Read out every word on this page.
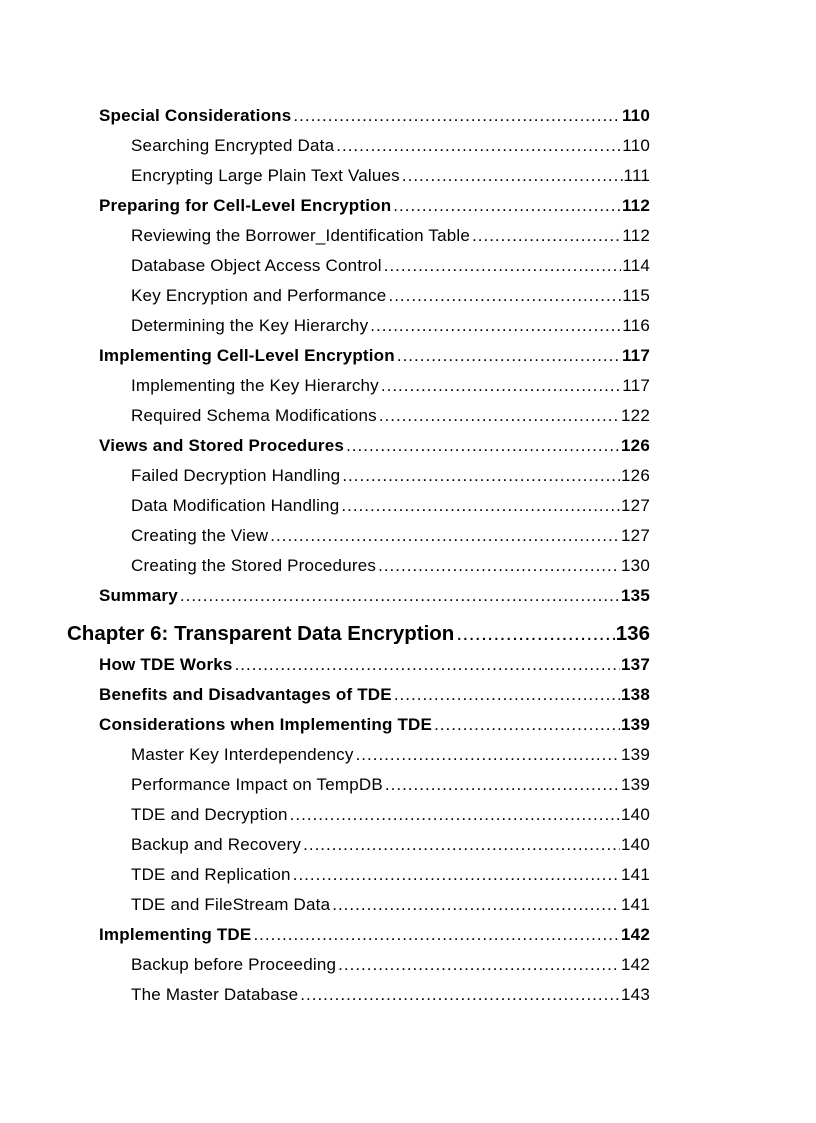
Special Considerations .....	110
Searching Encrypted Data .....	110
Encrypting Large Plain Text Values .....	111
Preparing for Cell-Level Encryption .....	112
Reviewing the Borrower_Identification Table .....	112
Database Object Access Control .....	114
Key Encryption and Performance .....	115
Determining the Key Hierarchy .....	116
Implementing Cell-Level Encryption .....	117
Implementing the Key Hierarchy .....	117
Required Schema Modifications .....	122
Views and Stored Procedures .....	126
Failed Decryption Handling .....	126
Data Modification Handling .....	127
Creating the View .....	127
Creating the Stored Procedures .....	130
Summary .....	135
Chapter 6: Transparent Data Encryption .....	136
How TDE Works .....	137
Benefits and Disadvantages of TDE .....	138
Considerations when Implementing TDE .....	139
Master Key Interdependency .....	139
Performance Impact on TempDB .....	139
TDE and Decryption .....	140
Backup and Recovery .....	140
TDE and Replication .....	141
TDE and FileStream Data .....	141
Implementing TDE .....	142
Backup before Proceeding .....	142
The Master Database .....	143
